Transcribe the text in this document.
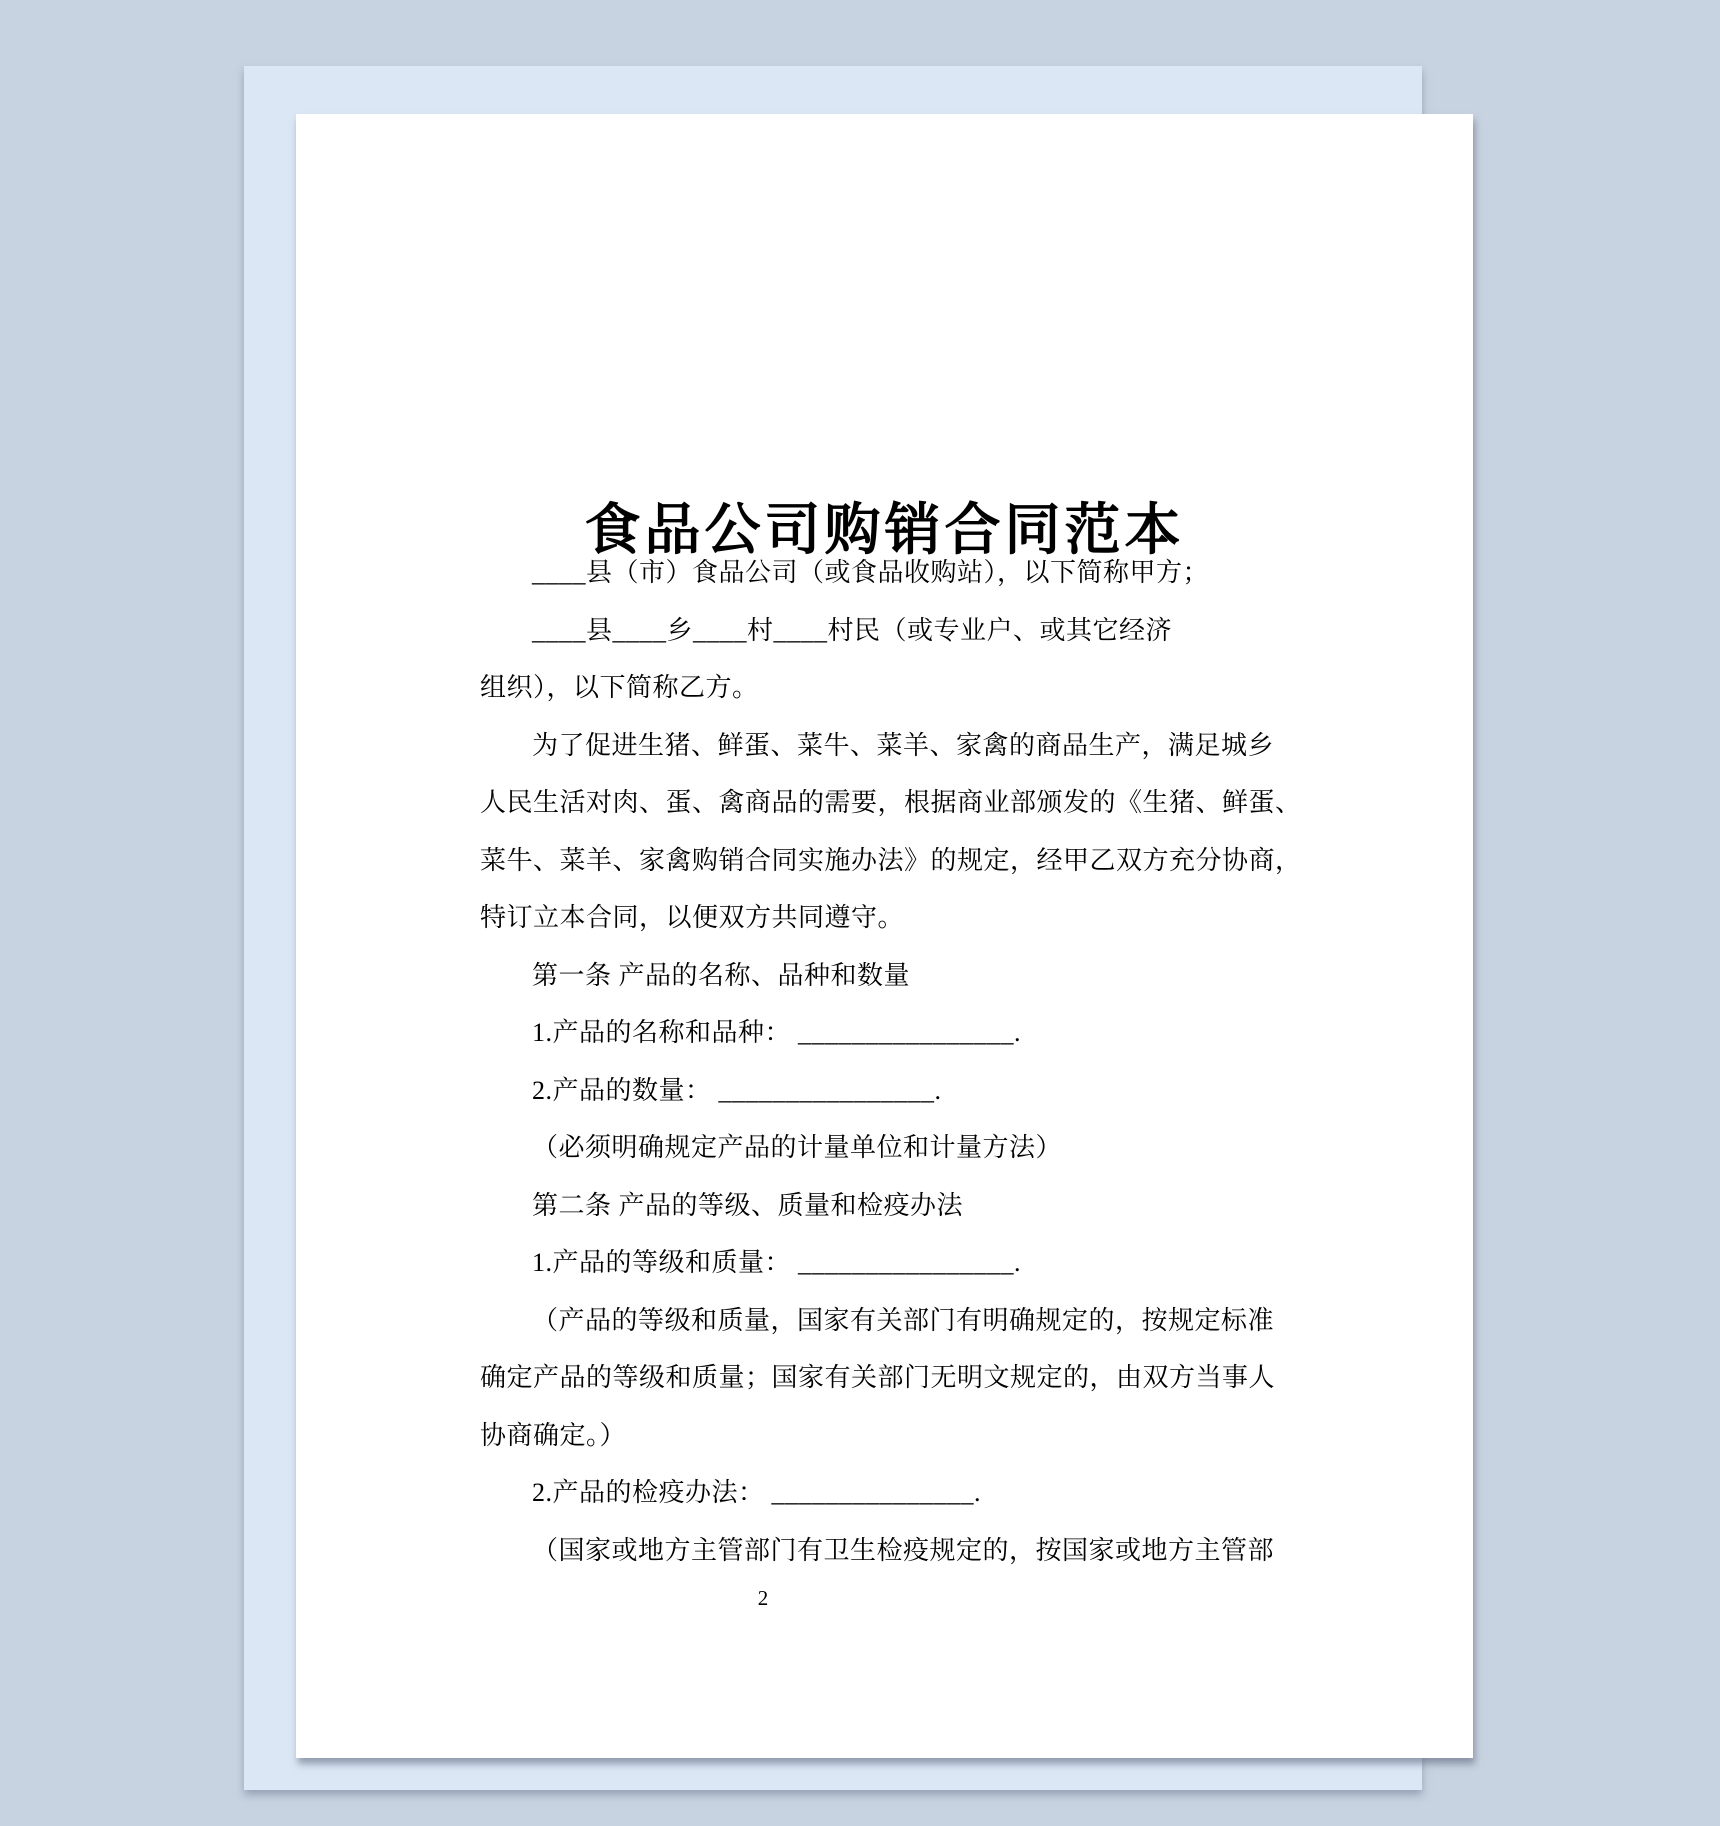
食品公司购销合同范本
____县（市）食品公司（或食品收购站），以下简称甲方；
____县____乡____村____村民（或专业户、或其它经济
组织），以下简称乙方。
为了促进生猪、鲜蛋、菜牛、菜羊、家禽的商品生产，满足城乡
人民生活对肉、蛋、禽商品的需要，根据商业部颁发的《生猪、鲜蛋、
菜牛、菜羊、家禽购销合同实施办法》的规定，经甲乙双方充分协商，
特订立本合同，以便双方共同遵守。
第一条 产品的名称、品种和数量
1.产品的名称和品种： ________________.
2.产品的数量： ________________.
（必须明确规定产品的计量单位和计量方法）
第二条 产品的等级、质量和检疫办法
1.产品的等级和质量： ________________.
（产品的等级和质量，国家有关部门有明确规定的，按规定标准
确定产品的等级和质量；国家有关部门无明文规定的，由双方当事人
协商确定。）
2.产品的检疫办法： _______________.
（国家或地方主管部门有卫生检疫规定的，按国家或地方主管部
2
